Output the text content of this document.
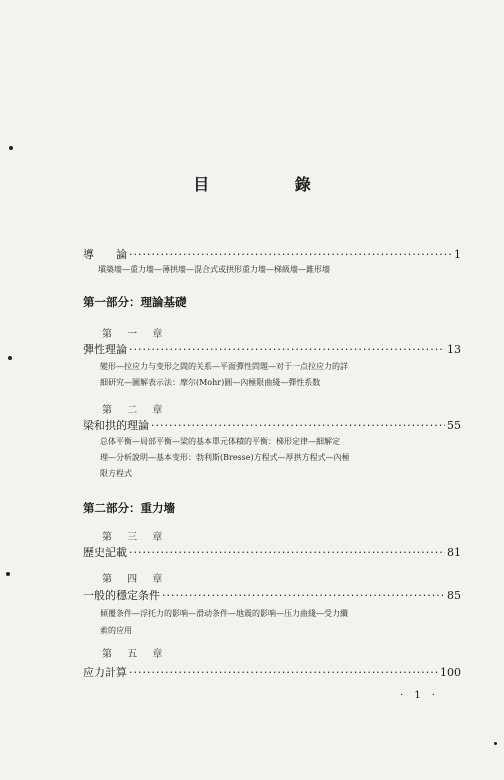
目 錄
導　　論 ·····	1
塡築墻—重力墻—薄拱墻—混合式或拱形重力墻—梯級墻—錐形墻
第一部分：理論基礎
第 一 章
彈性理論 ·····	13
變形—拉应力与变形之間的关系—平面彈性問題—对于一点拉应力的詳
細研究—圖解表示法：摩尔(Mohr)圓—內極限曲綫—彈性系数
第 二 章
梁和拱的理論 ·····	55
总体平衡—局部平衡—梁的基本單元体積的平衡：梯形定律—細解定
理—分析說明—基本变形：勃利斯(Bresse)方程式—厚拱方程式—內極
限方程式
第二部分：重力墻
第 三 章
歷史記載 ·····	81
第 四 章
一般的穩定条件 ·····	85
傾覆条件—浮托力的影响—滑动条件—地震的影响—压力曲綫—受力纖
索的应用
第 五 章
应力計算 ·····	100
· 1 ·
